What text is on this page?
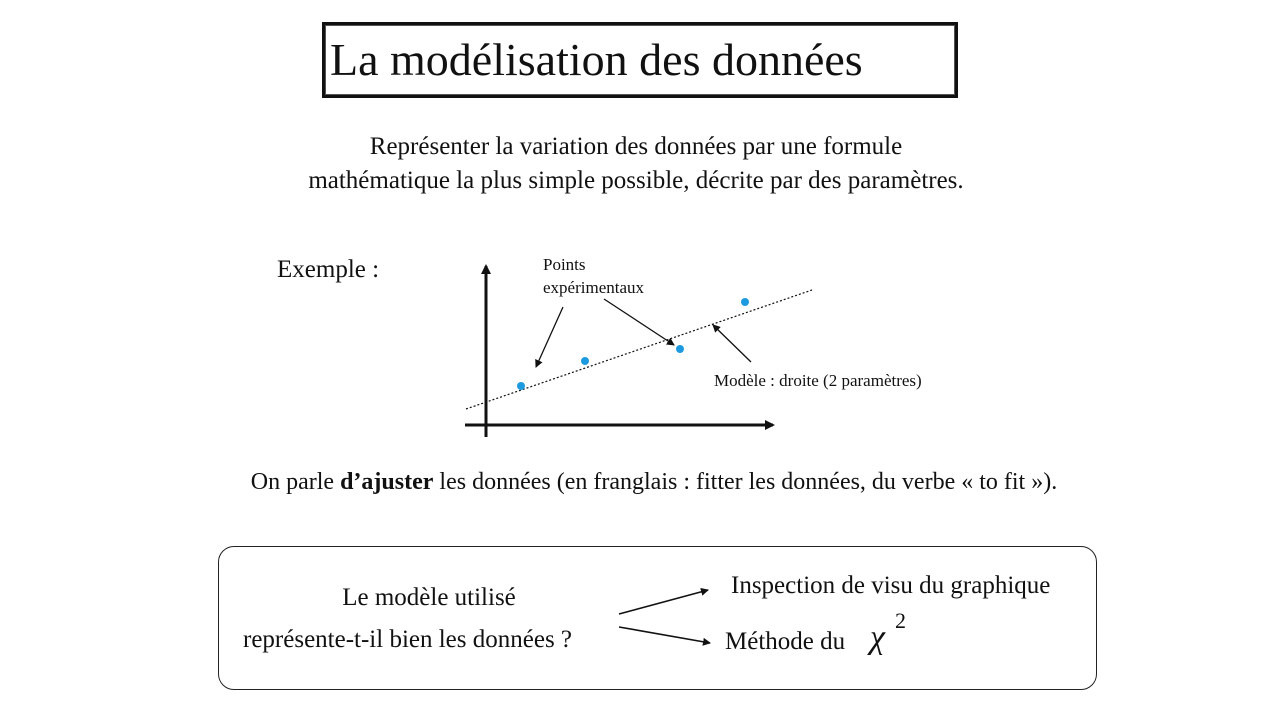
La modélisation des données
Représenter la variation des données par une formule
mathématique la plus simple possible, décrite par des paramètres.
Exemple :	Points
expérimentaux
Modèle : droite (2 paramètres)
On parle d’ajuster les données (en franglais : fitter les données, du verbe « to fit »).
Le modèle utilisé
représente-t-il bien les données ?
Inspection de visu du graphique
Méthode du χ 2
